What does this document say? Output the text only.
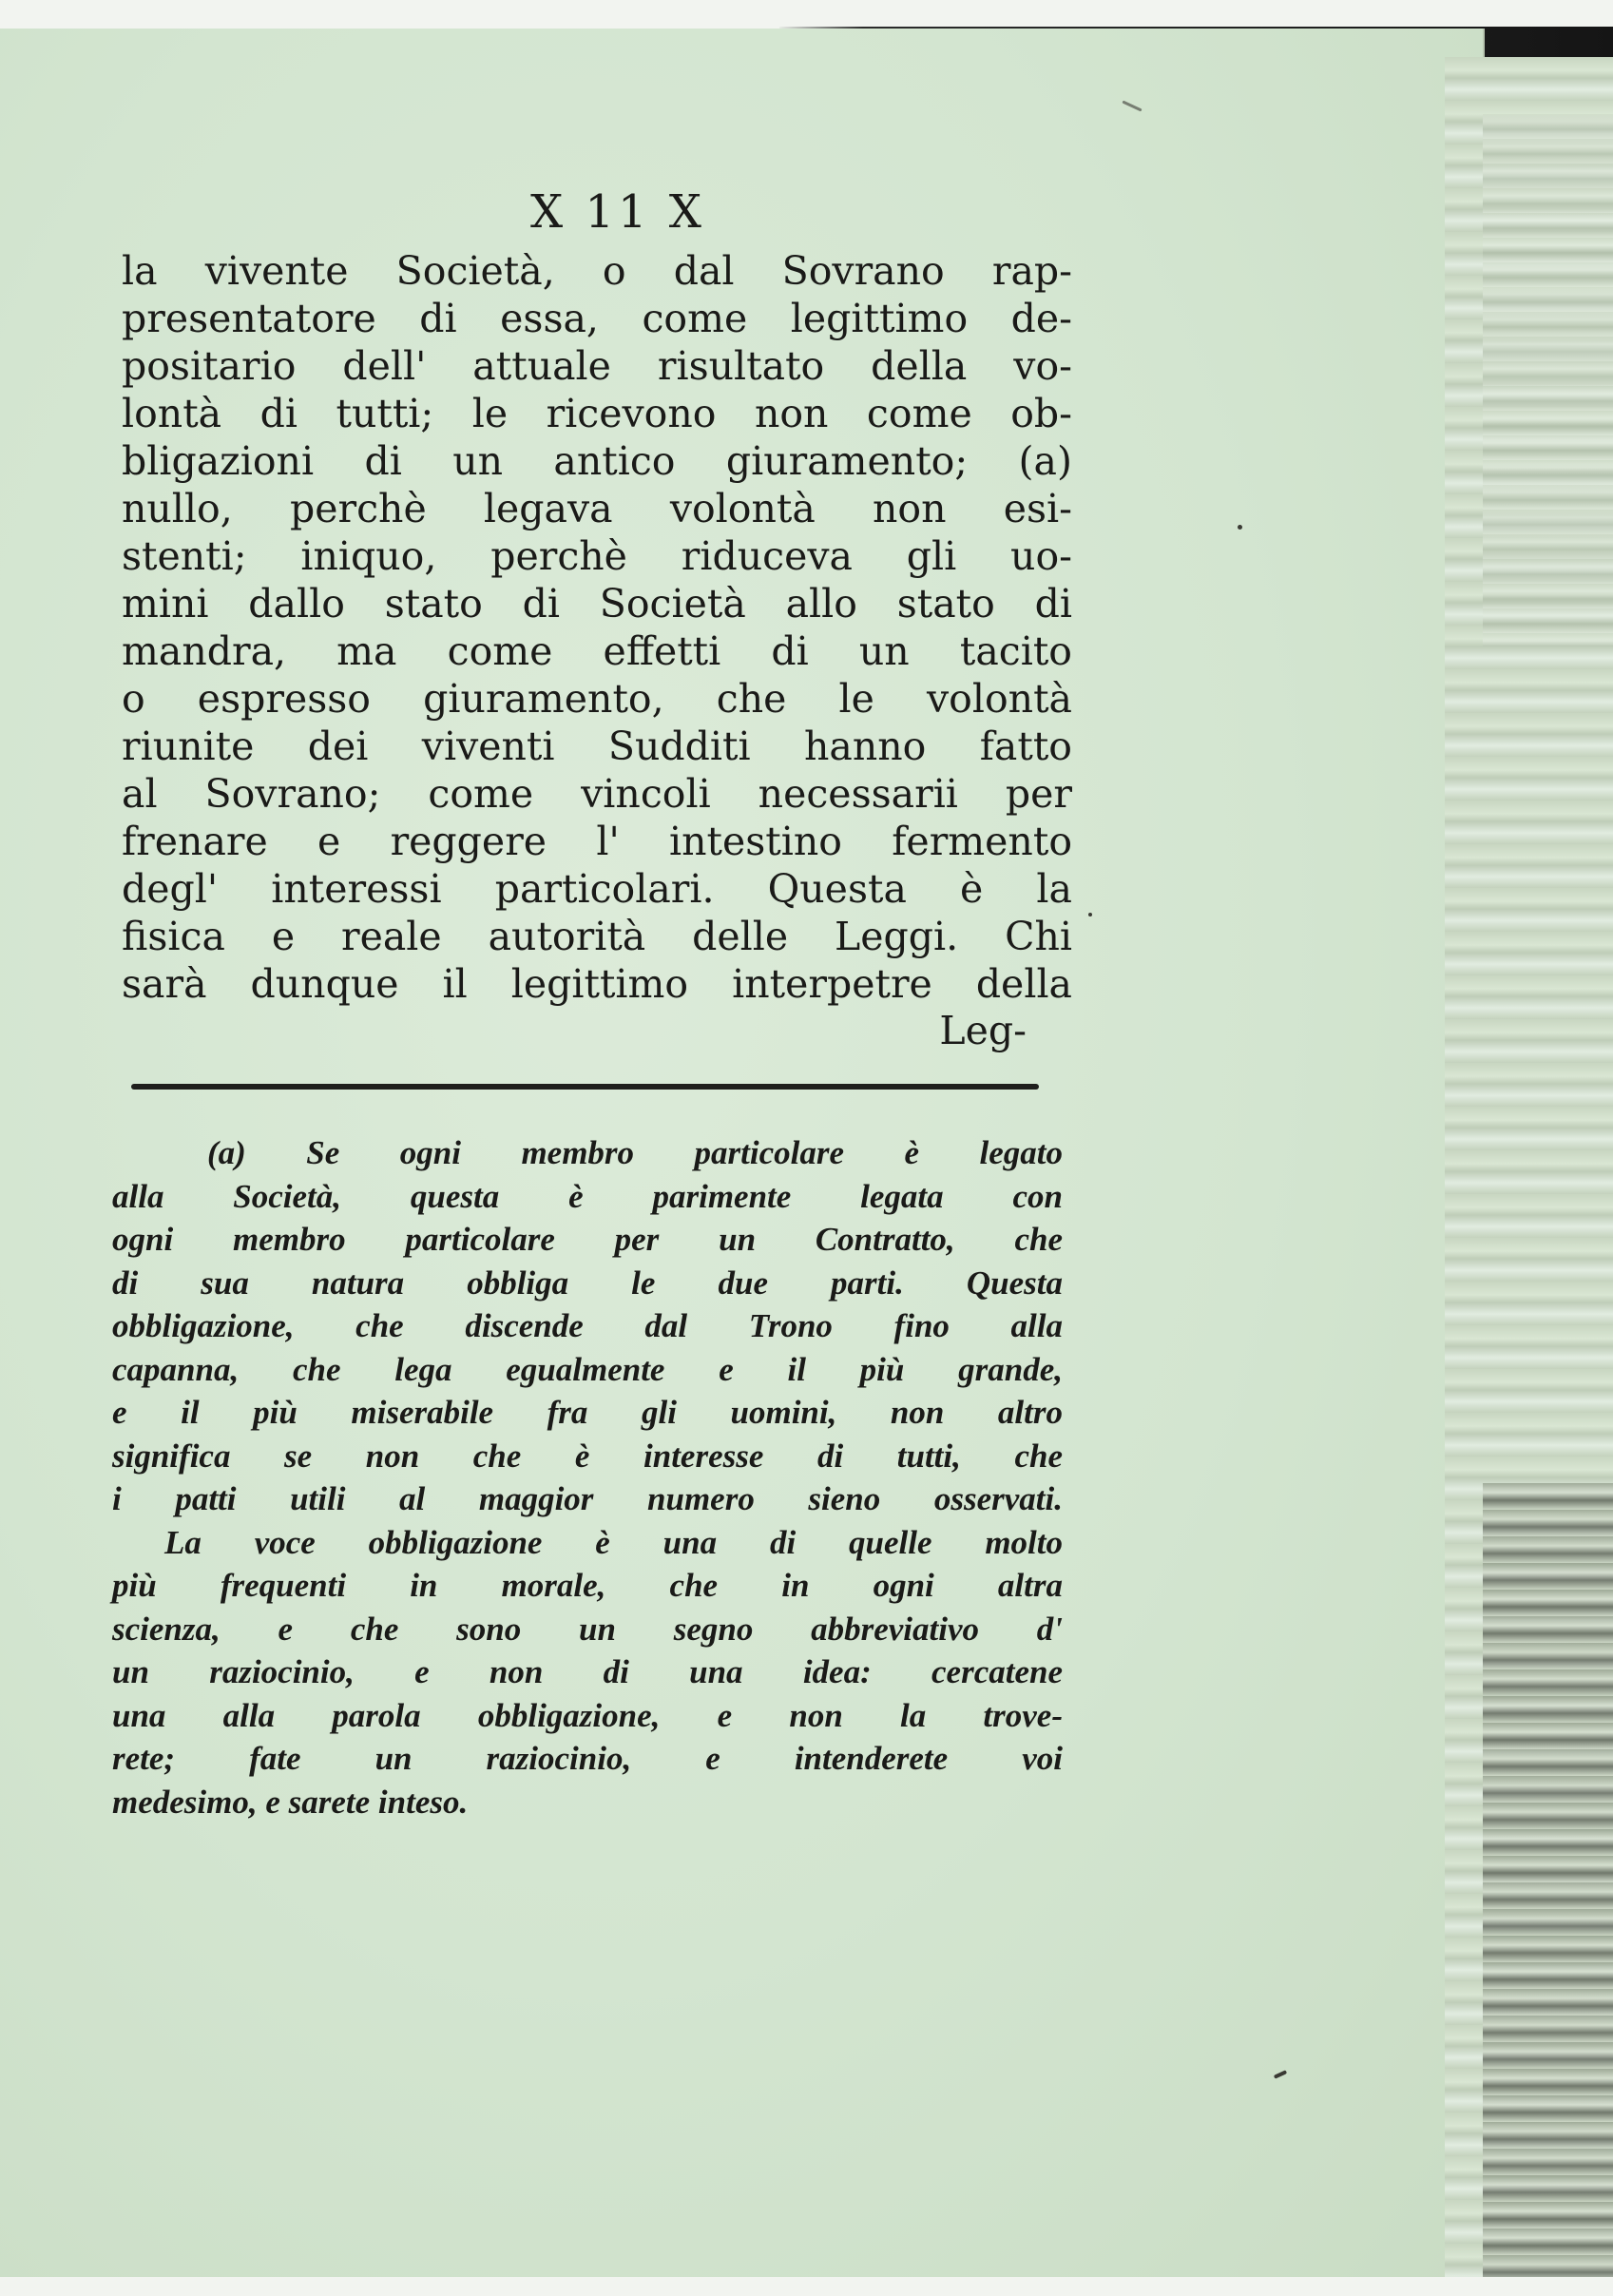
X 11 X
la vivente Società, o dal Sovrano rap-
presentatore di essa, come legittimo de-
positario dell' attuale risultato della vo-
lontà di tutti; le ricevono non come ob-
bligazioni di un antico giuramento; (a)
nullo, perchè legava volontà non esi-
stenti; iniquo, perchè riduceva gli uo-
mini dallo stato di Società allo stato di
mandra, ma come effetti di un tacito
o espresso giuramento, che le volontà
riunite dei viventi Sudditi hanno fatto
al Sovrano; come vincoli necessarii per
frenare e reggere l' intestino fermento
degl' interessi particolari. Questa è la
fisica e reale autorità delle Leggi. Chi
sarà dunque il legittimo interpetre della
Leg-
(a) Se ogni membro particolare è legato
alla Società, questa è parimente legata con
ogni membro particolare per un Contratto, che
di sua natura obbliga le due parti. Questa
obbligazione, che discende dal Trono fino alla
capanna, che lega egualmente e il più grande,
e il più miserabile fra gli uomini, non altro
significa se non che è interesse di tutti, che
i patti utili al maggior numero sieno osservati.
La voce obbligazione è una di quelle molto
più frequenti in morale, che in ogni altra
scienza, e che sono un segno abbreviativo d'
un raziocinio, e non di una idea: cercatene
una alla parola obbligazione, e non la trove-
rete; fate un raziocinio, e intenderete voi
medesimo, e sarete inteso.
